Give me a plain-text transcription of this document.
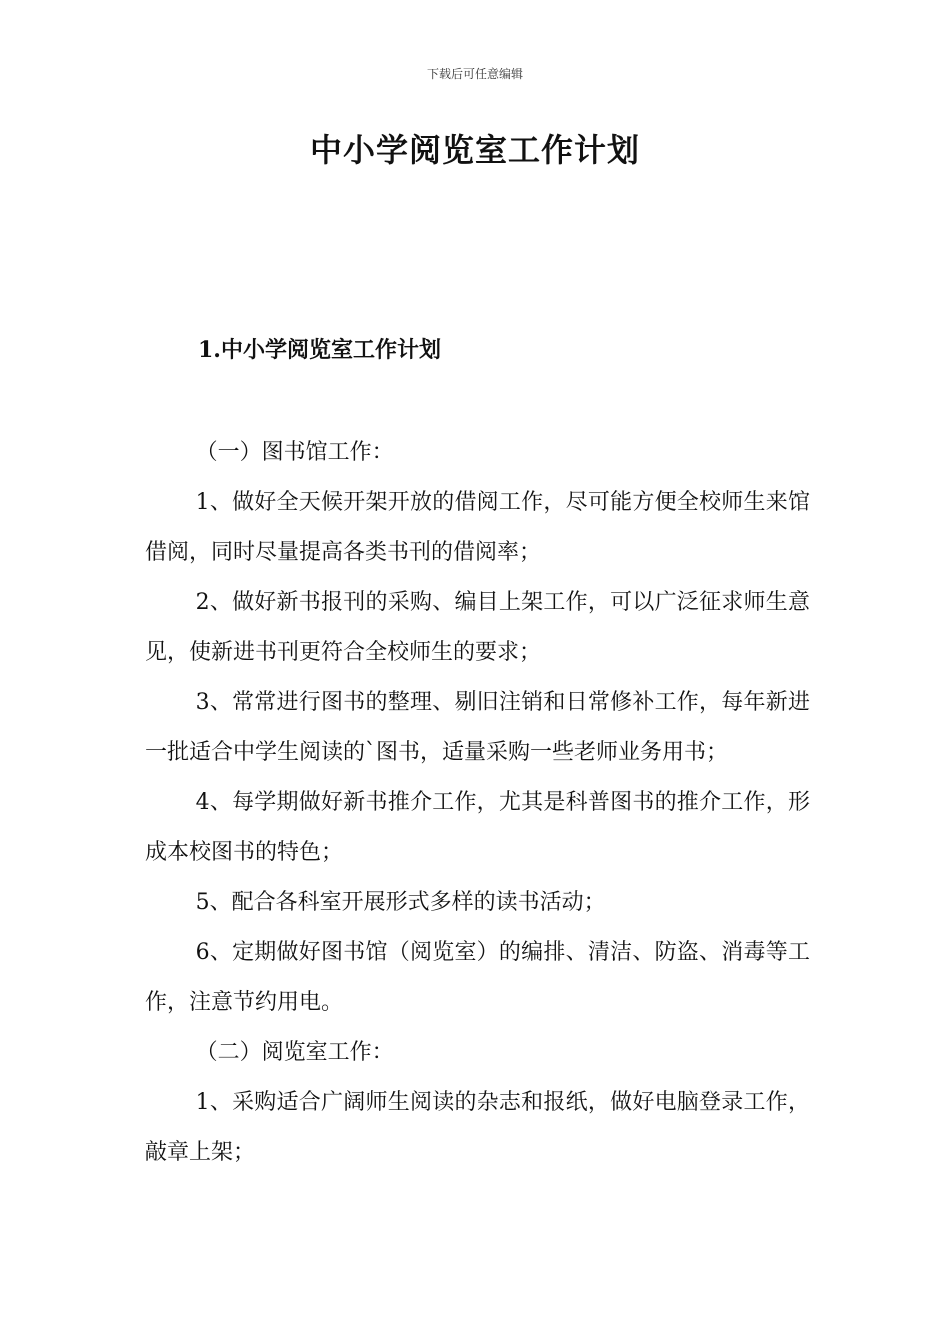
下载后可任意编辑
中小学阅览室工作计划
1.中小学阅览室工作计划

（一）图书馆工作：

1、做好全天候开架开放的借阅工作，尽可能方便全校师生来馆借阅，同时尽量提高各类书刊的借阅率；

2、做好新书报刊的采购、编目上架工作，可以广泛征求师生意见，使新进书刊更符合全校师生的要求；

3、常常进行图书的整理、剔旧注销和日常修补工作，每年新进一批适合中学生阅读的`图书，适量采购一些老师业务用书；

4、每学期做好新书推介工作，尤其是科普图书的推介工作，形成本校图书的特色；

5、配合各科室开展形式多样的读书活动；

6、定期做好图书馆（阅览室）的编排、清洁、防盗、消毒等工作，注意节约用电。

（二）阅览室工作：

1、采购适合广阔师生阅读的杂志和报纸，做好电脑登录工作，敲章上架；
